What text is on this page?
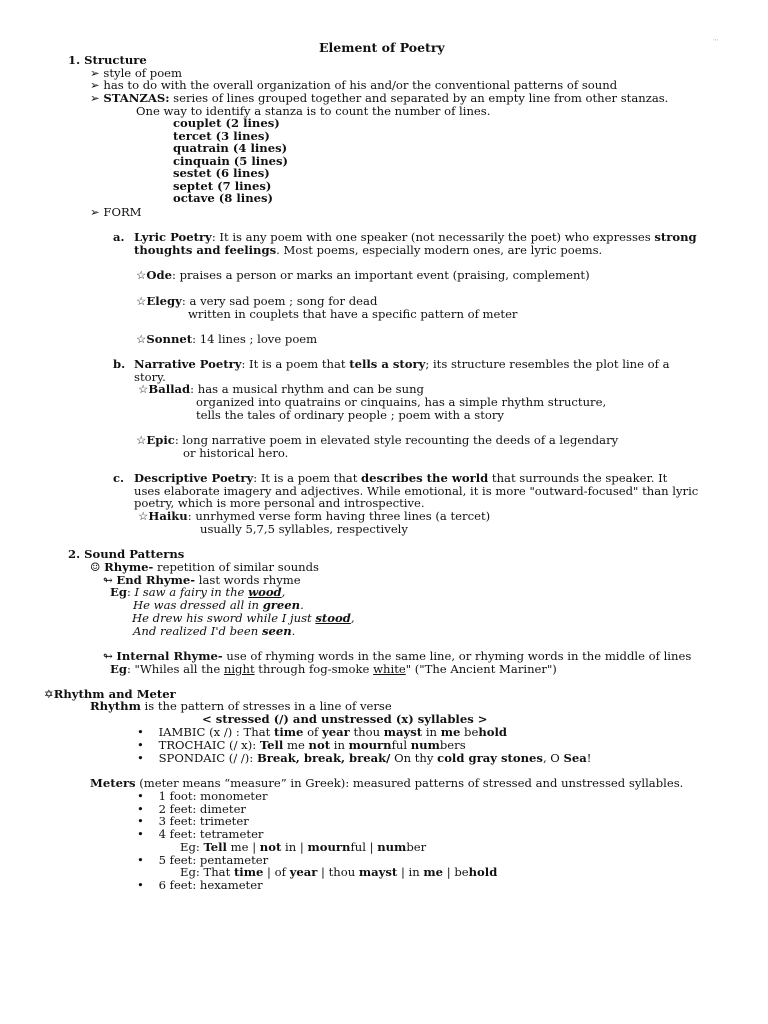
•••
Element of Poetry
1. Structure
➢ style of poem
➢ has to do with the overall organization of his and/or the conventional patterns of sound
➢ STANZAS: series of lines grouped together and separated by an empty line from other stanzas.
One way to identify a stanza is to count the number of lines.
couplet (2 lines)
tercet (3 lines)
quatrain (4 lines)
cinquain (5 lines)
sestet (6 lines)
septet (7 lines)
octave (8 lines)
➢ FORM
a. Lyric Poetry: It is any poem with one speaker (not necessarily the poet) who expresses strong
thoughts and feelings. Most poems, especially modern ones, are lyric poems.
☆Ode: praises a person or marks an important event (praising, complement)
☆Elegy: a very sad poem ; song for dead
written in couplets that have a specific pattern of meter
☆Sonnet: 14 lines ; love poem
b. Narrative Poetry: It is a poem that tells a story; its structure resembles the plot line of a
story.
☆Ballad: has a musical rhythm and can be sung
organized into quatrains or cinquains, has a simple rhythm structure,
tells the tales of ordinary people ; poem with a story
☆Epic: long narrative poem in elevated style recounting the deeds of a legendary
or historical hero.
c. Descriptive Poetry: It is a poem that describes the world that surrounds the speaker. It
uses elaborate imagery and adjectives. While emotional, it is more "outward-focused" than lyric
poetry, which is more personal and introspective.
☆Haiku: unrhymed verse form having three lines (a tercet)
usually 5,7,5 syllables, respectively
2. Sound Patterns
☺ Rhyme- repetition of similar sounds
↬ End Rhyme- last words rhyme
Eg: I saw a fairy in the wood,
He was dressed all in green.
He drew his sword while I just stood,
And realized I'd been seen.
↬ Internal Rhyme- use of rhyming words in the same line, or rhyming words in the middle of lines
Eg: "Whiles all the night through fog-smoke white" ("The Ancient Mariner")
✡Rhythm and Meter
Rhythm is the pattern of stresses in a line of verse
< stressed (/) and unstressed (x) syllables >
•    IAMBIC (x /) : That time of year thou mayst in me behold
•    TROCHAIC (/ x): Tell me not in mournful numbers
•    SPONDAIC (/ /): Break, break, break/ On thy cold gray stones, O Sea!
Meters (meter means “measure” in Greek): measured patterns of stressed and unstressed syllables.
•    1 foot: monometer
•    2 feet: dimeter
•    3 feet: trimeter
•    4 feet: tetrameter
Eg: Tell me | not in | mournful | number
•    5 feet: pentameter
Eg: That time | of year | thou mayst | in me | behold
•    6 feet: hexameter
